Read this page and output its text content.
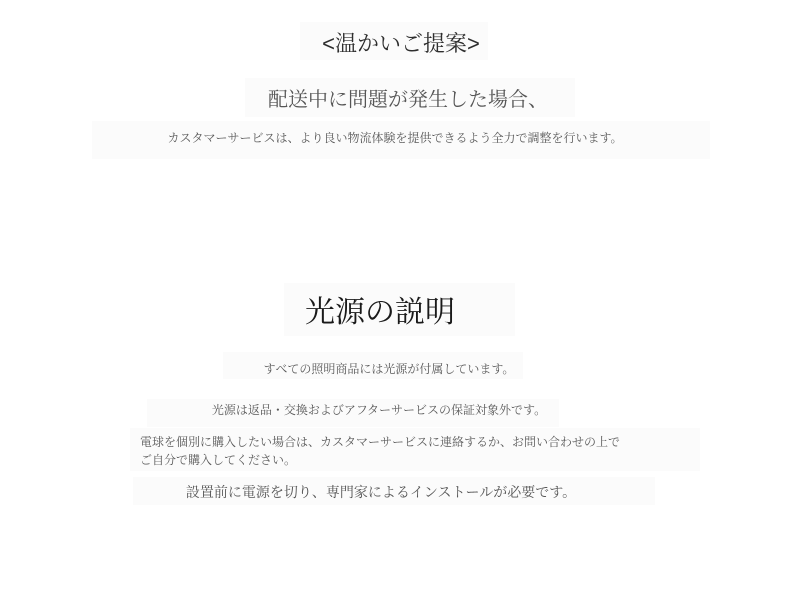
<温かいご提案>
配送中に問題が発生した場合、
カスタマーサービスは、より良い物流体験を提供できるよう全力で調整を行います。
光源の説明
すべての照明商品には光源が付属しています。
光源は返品・交換およびアフターサービスの保証対象外です。
電球を個別に購入したい場合は、カスタマーサービスに連絡するか、お問い合わせの上でご自分で購入してください。
設置前に電源を切り、専門家によるインストールが必要です。
